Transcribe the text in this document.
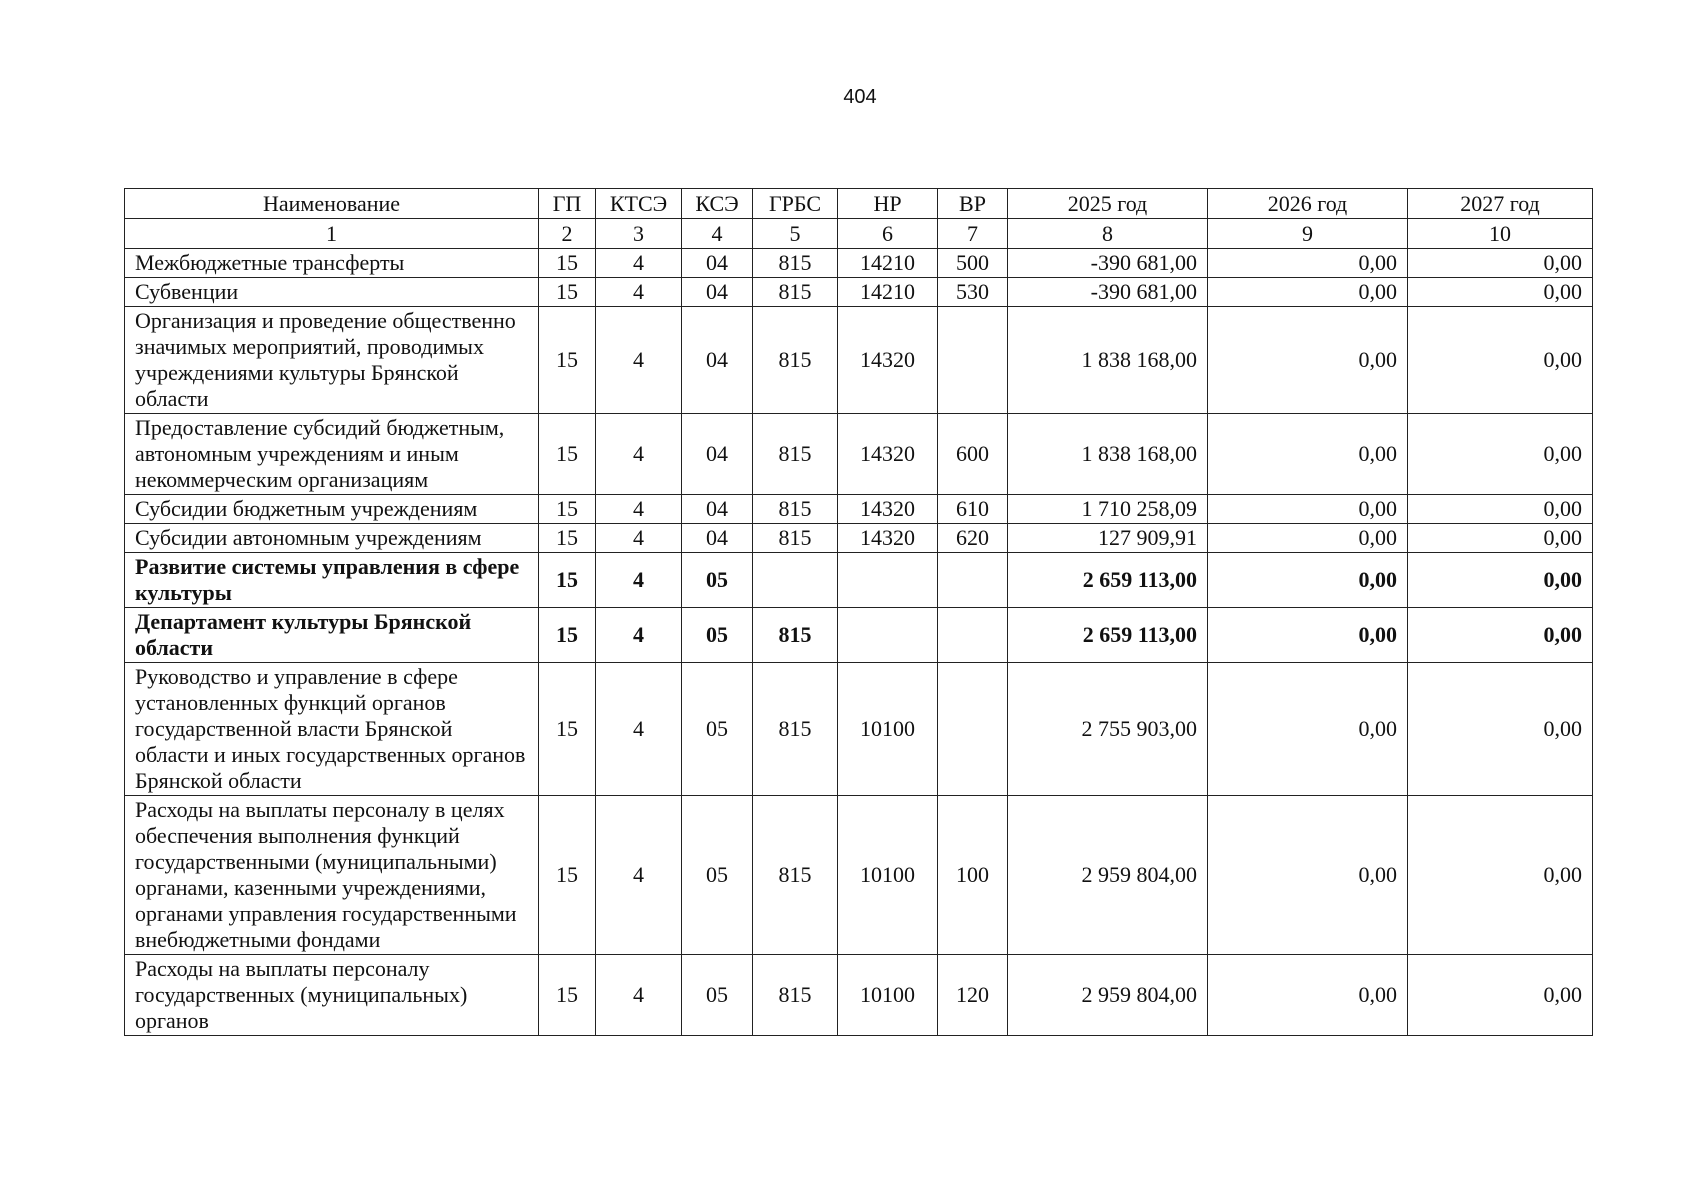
404
Наименование	ГП	КТСЭ	КСЭ	ГРБС	НР	ВР	2025 год	2026 год	2027 год
1	2	3	4	5	6	7	8	9	10
Межбюджетные трансферты	15	4	04	815	14210	500	-390 681,00	0,00	0,00
Субвенции	15	4	04	815	14210	530	-390 681,00	0,00	0,00
Организация и проведение общественно значимых мероприятий, проводимых учреждениями культуры Брянской области	15	4	04	815	14320		1 838 168,00	0,00	0,00
Предоставление субсидий бюджетным, автономным учреждениям и иным некоммерческим организациям	15	4	04	815	14320	600	1 838 168,00	0,00	0,00
Субсидии бюджетным учреждениям	15	4	04	815	14320	610	1 710 258,09	0,00	0,00
Субсидии автономным учреждениям	15	4	04	815	14320	620	127 909,91	0,00	0,00
Развитие системы управления в сфере культуры	15	4	05				2 659 113,00	0,00	0,00
Департамент культуры Брянской области	15	4	05	815			2 659 113,00	0,00	0,00
Руководство и управление в сфере установленных функций органов государственной власти Брянской области и иных государственных органов Брянской области	15	4	05	815	10100		2 755 903,00	0,00	0,00
Расходы на выплаты персоналу в целях обеспечения выполнения функций государственными (муниципальными) органами, казенными учреждениями, органами управления государственными внебюджетными фондами	15	4	05	815	10100	100	2 959 804,00	0,00	0,00
Расходы на выплаты персоналу государственных (муниципальных) органов	15	4	05	815	10100	120	2 959 804,00	0,00	0,00
